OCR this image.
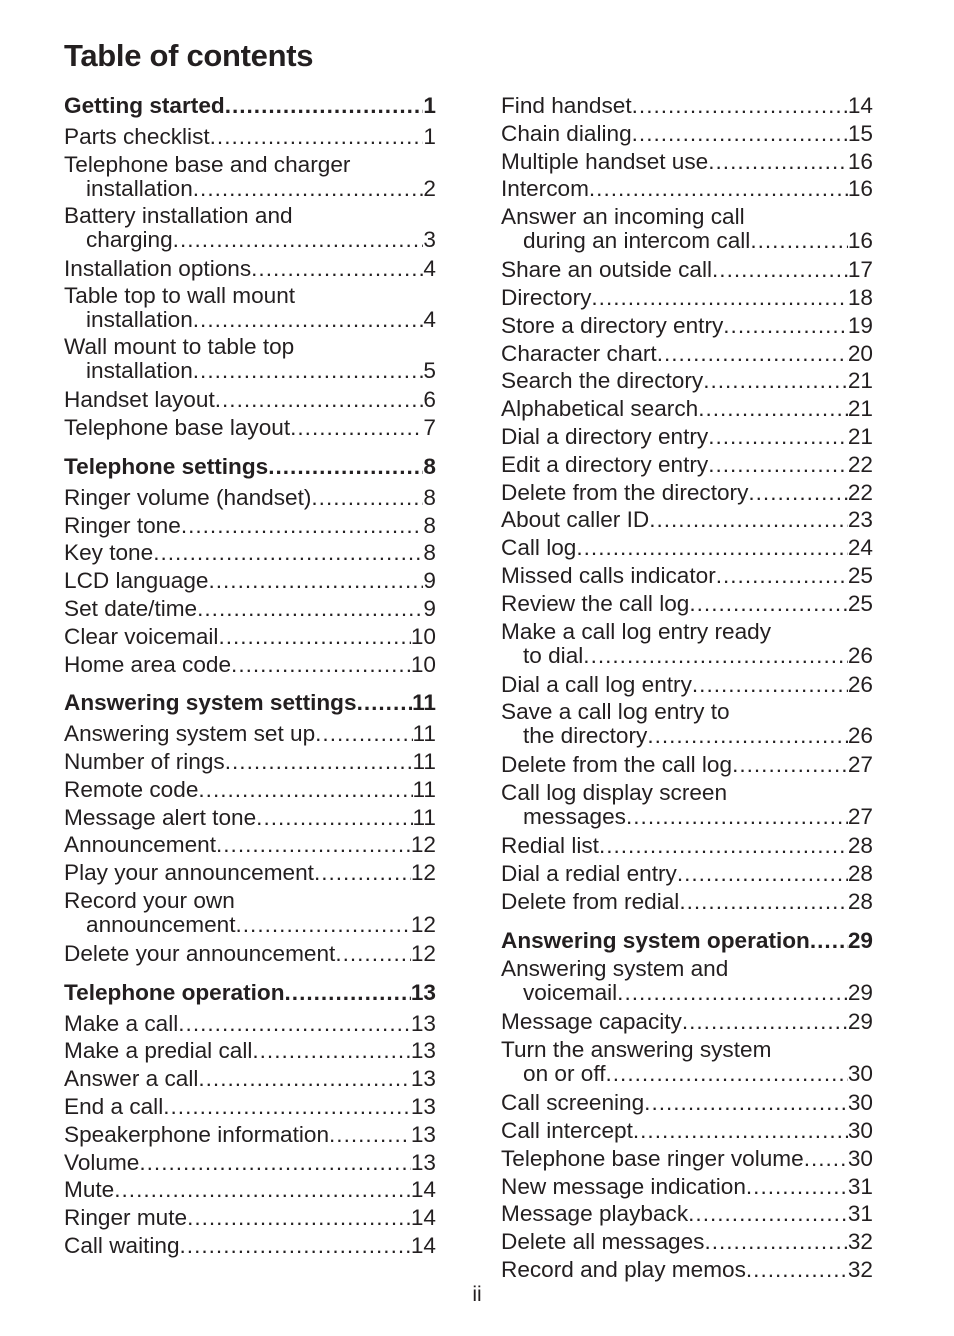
Table of contents
Getting started .....	1
Parts checklist .....	1
Telephone base and charger
installation .....	2
Battery installation and
charging .....	3
Installation options .....	4
Table top to wall mount
installation .....	4
Wall mount to table top
installation .....	5
Handset layout .....	6
Telephone base layout .....	7
Telephone settings .....	8
Ringer volume (handset) .....	8
Ringer tone .....	8
Key tone .....	8
LCD language .....	9
Set date/time .....	9
Clear voicemail .....	10
Home area code .....	10
Answering system settings ..... 11
Answering system set up .....	11
Number of rings .....	11
Remote code .....	11
Message alert tone .....	11
Announcement .....	12
Play your announcement .....	12
Record your own
announcement .....	12
Delete your announcement .....	12
Telephone operation .....	13
Make a call .....	13
Make a predial call .....	13
Answer a call .....	13
End a call .....	13
Speakerphone information .....	13
Volume .....	13
Mute .....	14
Ringer mute .....	14
Call waiting .....	14
Find handset .....	14
Chain dialing .....	15
Multiple handset use .....	16
Intercom .....	16
Answer an incoming call
during an intercom call .....	16
Share an outside call .....	17
Directory .....	18
Store a directory entry .....	19
Character chart .....	20
Search the directory .....	21
Alphabetical search .....	21
Dial a directory entry .....	21
Edit a directory entry .....	22
Delete from the directory .....	22
About caller ID .....	23
Call log .....	24
Missed calls indicator .....	25
Review the call log .....	25
Make a call log entry ready
to dial .....	26
Dial a call log entry .....	26
Save a call log entry to
the directory .....	26
Delete from the call log .....	27
Call log display screen
messages .....	27
Redial list .....	28
Dial a redial entry .....	28
Delete from redial .....	28
Answering system operation ..... 29
Answering system and
voicemail .....	29
Message capacity .....	29
Turn the answering system
on or off .....	30
Call screening .....	30
Call intercept .....	30
Telephone base ringer volume ..... 30
New message indication .....	31
Message playback .....	31
Delete all messages .....	32
Record and play memos .....	32
ii
